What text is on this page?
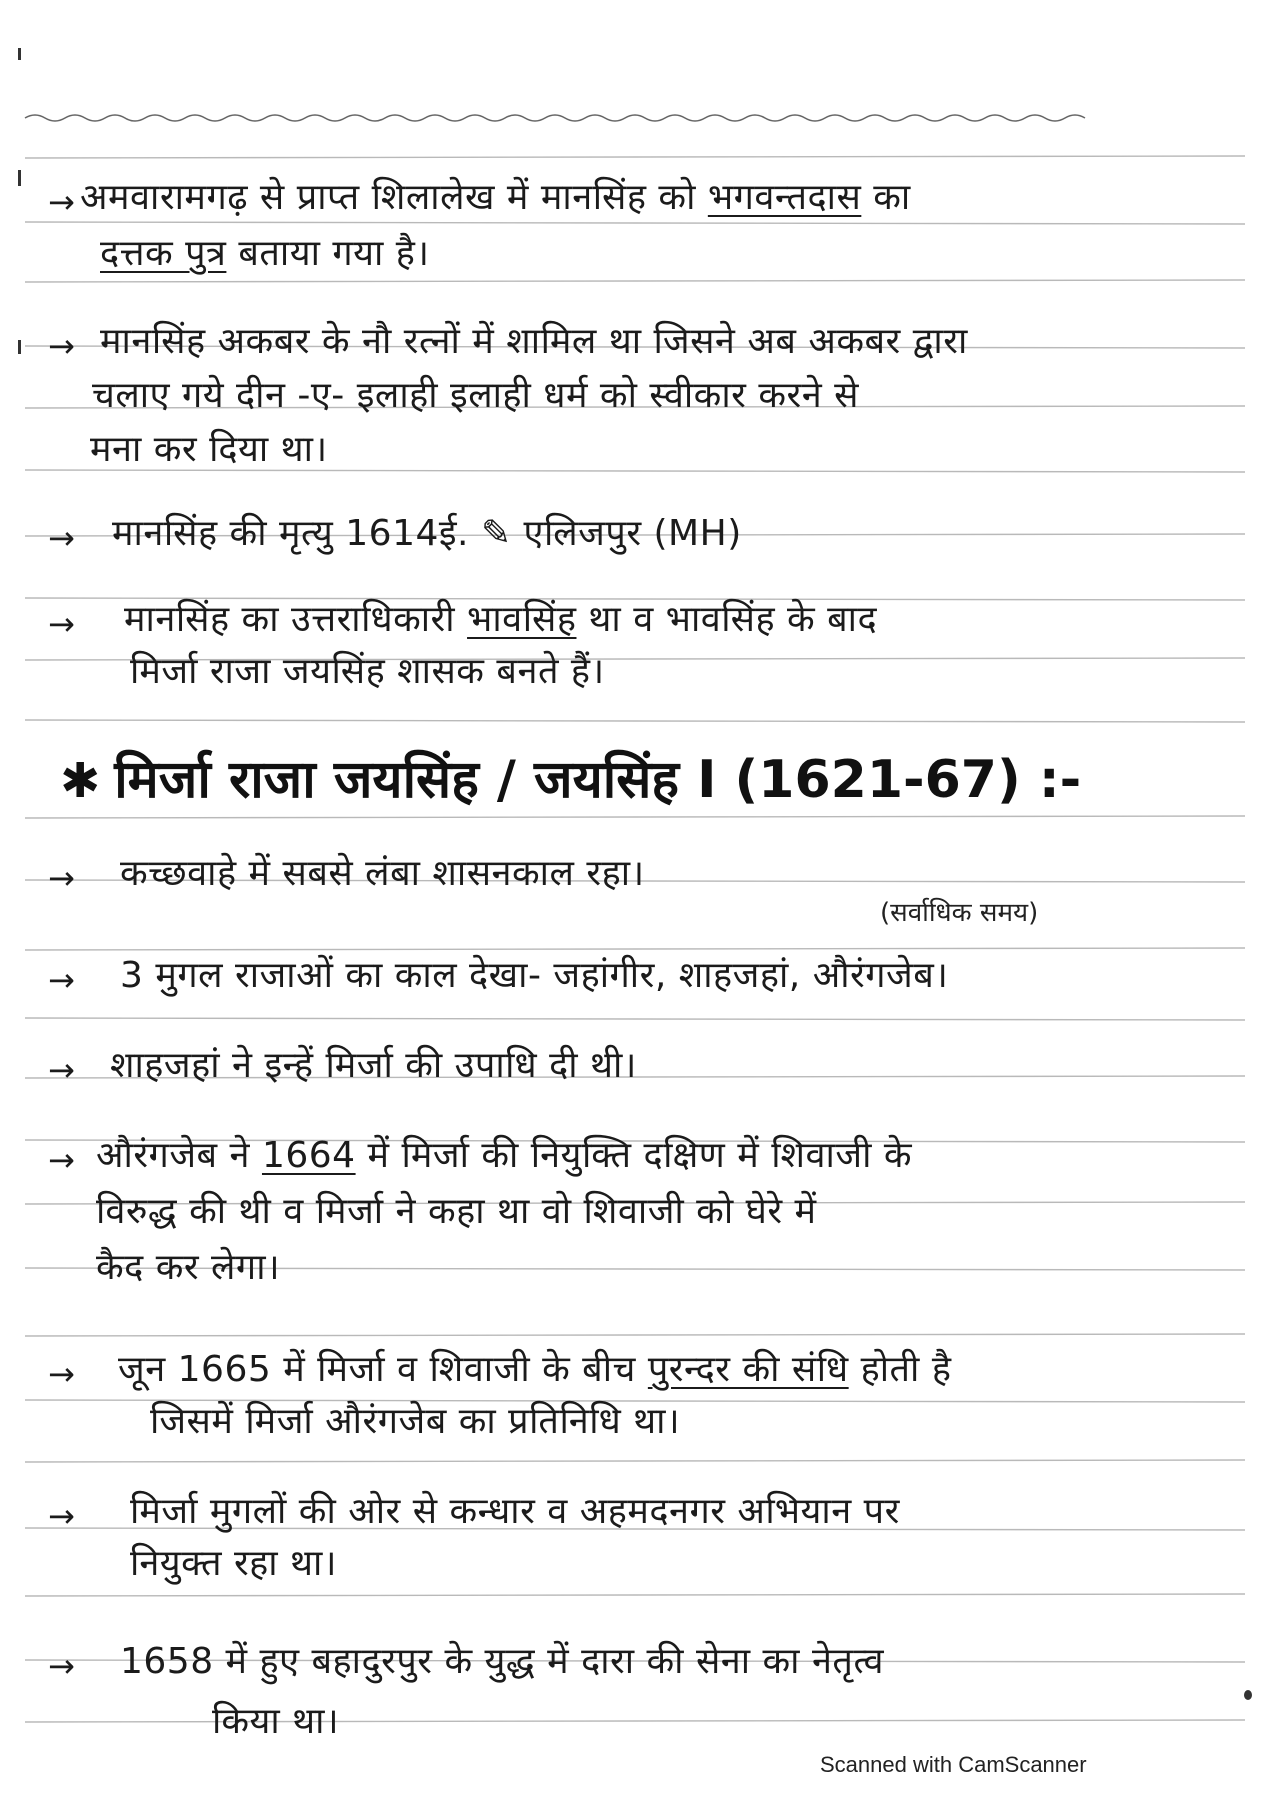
→ अमवारामगढ़ से प्राप्त शिलालेख में मानसिंह को भगवन्तदास का
दत्तक पुत्र बताया गया है।
→ मानसिंह अकबर के नौ रत्नों में शामिल था जिसने अब अकबर द्वारा
चलाए गये दीन -ए- इलाही इलाही धर्म को स्वीकार करने से
मना कर दिया था।
→ मानसिंह की मृत्यु 1614ई. ✎ एलिजपुर (MH)
→ मानसिंह का उत्तराधिकारी भावसिंह था व भावसिंह के बाद
मिर्जा राजा जयसिंह शासक बनते हैं।
→ कच्छवाहे में सबसे लंबा शासनकाल रहा।
→ 3 मुगल राजाओं का काल देखा- जहांगीर, शाहजहां, औरंगजेब।
→ शाहजहां ने इन्हें मिर्जा की उपाधि दी थी।
→ औरंगजेब ने 1664 में मिर्जा की नियुक्ति दक्षिण में शिवाजी के
विरुद्ध की थी व मिर्जा ने कहा था वो शिवाजी को घेरे में
कैद कर लेगा।
→ जून 1665 में मिर्जा व शिवाजी के बीच पुरन्दर की संधि होती है
जिसमें मिर्जा औरंगजेब का प्रतिनिधि था।
→ मिर्जा मुगलों की ओर से कन्धार व अहमदनगर अभियान पर
नियुक्त रहा था।
→ 1658 में हुए बहादुरपुर के युद्ध में दारा की सेना का नेतृत्व
किया था।
✱ मिर्जा राजा जयसिंह / जयसिंह I (1621-67) :-
(सर्वाधिक समय)
Scanned with CamScanner
